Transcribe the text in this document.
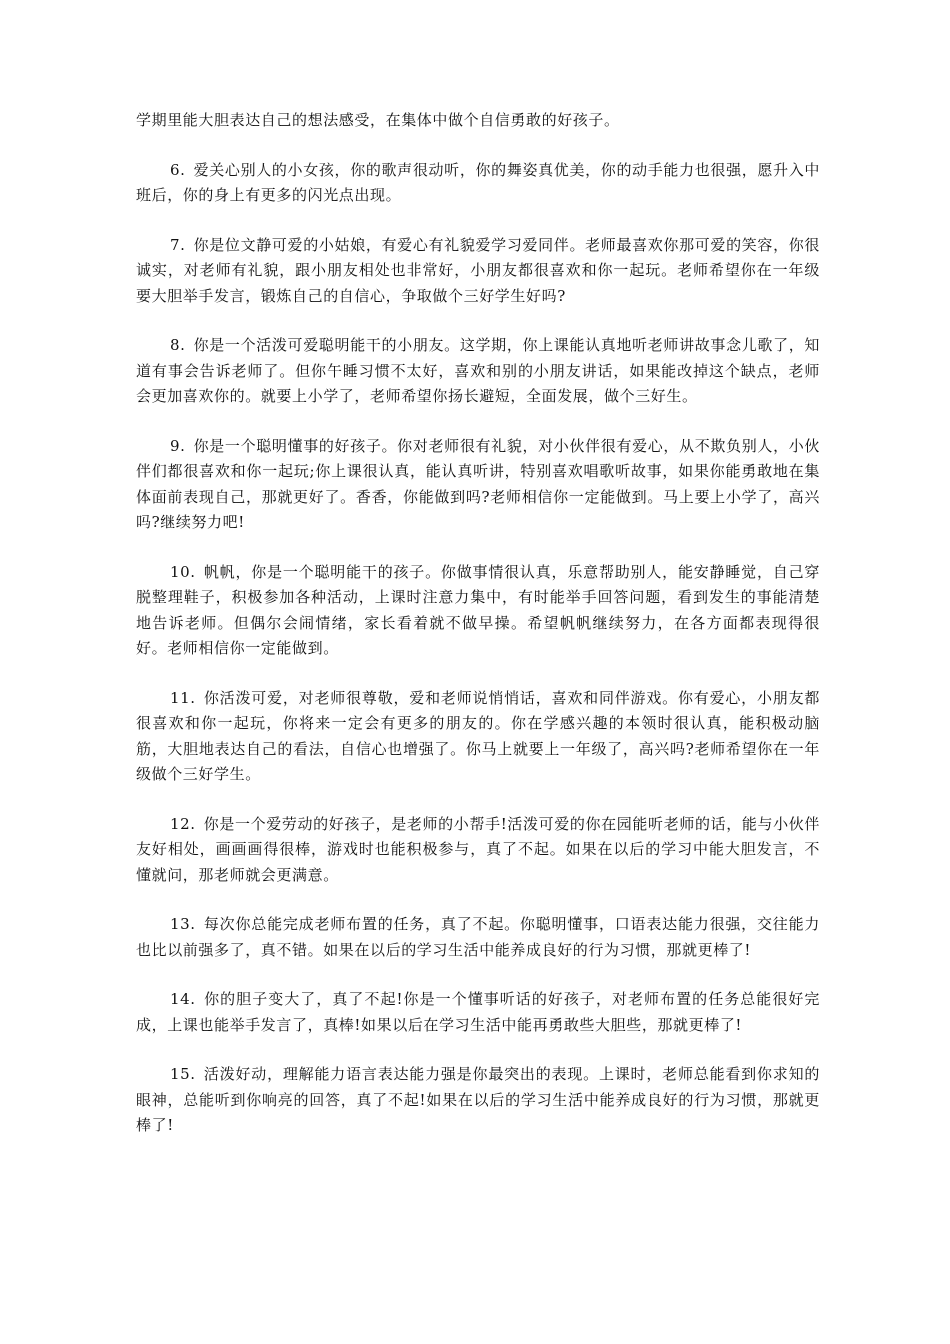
学期里能大胆表达自己的想法感受，在集体中做个自信勇敢的好孩子。

6. 爱关心别人的小女孩，你的歌声很动听，你的舞姿真优美，你的动手能力也很强，愿升入中班后，你的身上有更多的闪光点出现。

7. 你是位文静可爱的小姑娘，有爱心有礼貌爱学习爱同伴。老师最喜欢你那可爱的笑容，你很诚实，对老师有礼貌，跟小朋友相处也非常好，小朋友都很喜欢和你一起玩。老师希望你在一年级要大胆举手发言，锻炼自己的自信心，争取做个三好学生好吗?

8. 你是一个活泼可爱聪明能干的小朋友。这学期，你上课能认真地听老师讲故事念儿歌了，知道有事会告诉老师了。但你午睡习惯不太好，喜欢和别的小朋友讲话，如果能改掉这个缺点，老师会更加喜欢你的。就要上小学了，老师希望你扬长避短，全面发展，做个三好生。

9. 你是一个聪明懂事的好孩子。你对老师很有礼貌，对小伙伴很有爱心，从不欺负别人，小伙伴们都很喜欢和你一起玩;你上课很认真，能认真听讲，特别喜欢唱歌听故事，如果你能勇敢地在集体面前表现自己，那就更好了。香香，你能做到吗?老师相信你一定能做到。马上要上小学了，高兴吗?继续努力吧!

10. 帆帆，你是一个聪明能干的孩子。你做事情很认真，乐意帮助别人，能安静睡觉，自己穿脱整理鞋子，积极参加各种活动，上课时注意力集中，有时能举手回答问题，看到发生的事能清楚地告诉老师。但偶尔会闹情绪，家长看着就不做早操。希望帆帆继续努力，在各方面都表现得很好。老师相信你一定能做到。

11. 你活泼可爱，对老师很尊敬，爱和老师说悄悄话，喜欢和同伴游戏。你有爱心，小朋友都很喜欢和你一起玩，你将来一定会有更多的朋友的。你在学感兴趣的本领时很认真，能积极动脑筋，大胆地表达自己的看法，自信心也增强了。你马上就要上一年级了，高兴吗?老师希望你在一年级做个三好学生。

12. 你是一个爱劳动的好孩子，是老师的小帮手!活泼可爱的你在园能听老师的话，能与小伙伴友好相处，画画画得很棒，游戏时也能积极参与，真了不起。如果在以后的学习中能大胆发言，不懂就问，那老师就会更满意。

13. 每次你总能完成老师布置的任务，真了不起。你聪明懂事，口语表达能力很强，交往能力也比以前强多了，真不错。如果在以后的学习生活中能养成良好的行为习惯，那就更棒了!

14. 你的胆子变大了，真了不起!你是一个懂事听话的好孩子，对老师布置的任务总能很好完成，上课也能举手发言了，真棒!如果以后在学习生活中能再勇敢些大胆些，那就更棒了!

15. 活泼好动，理解能力语言表达能力强是你最突出的表现。上课时，老师总能看到你求知的眼神，总能听到你响亮的回答，真了不起!如果在以后的学习生活中能养成良好的行为习惯，那就更棒了!
